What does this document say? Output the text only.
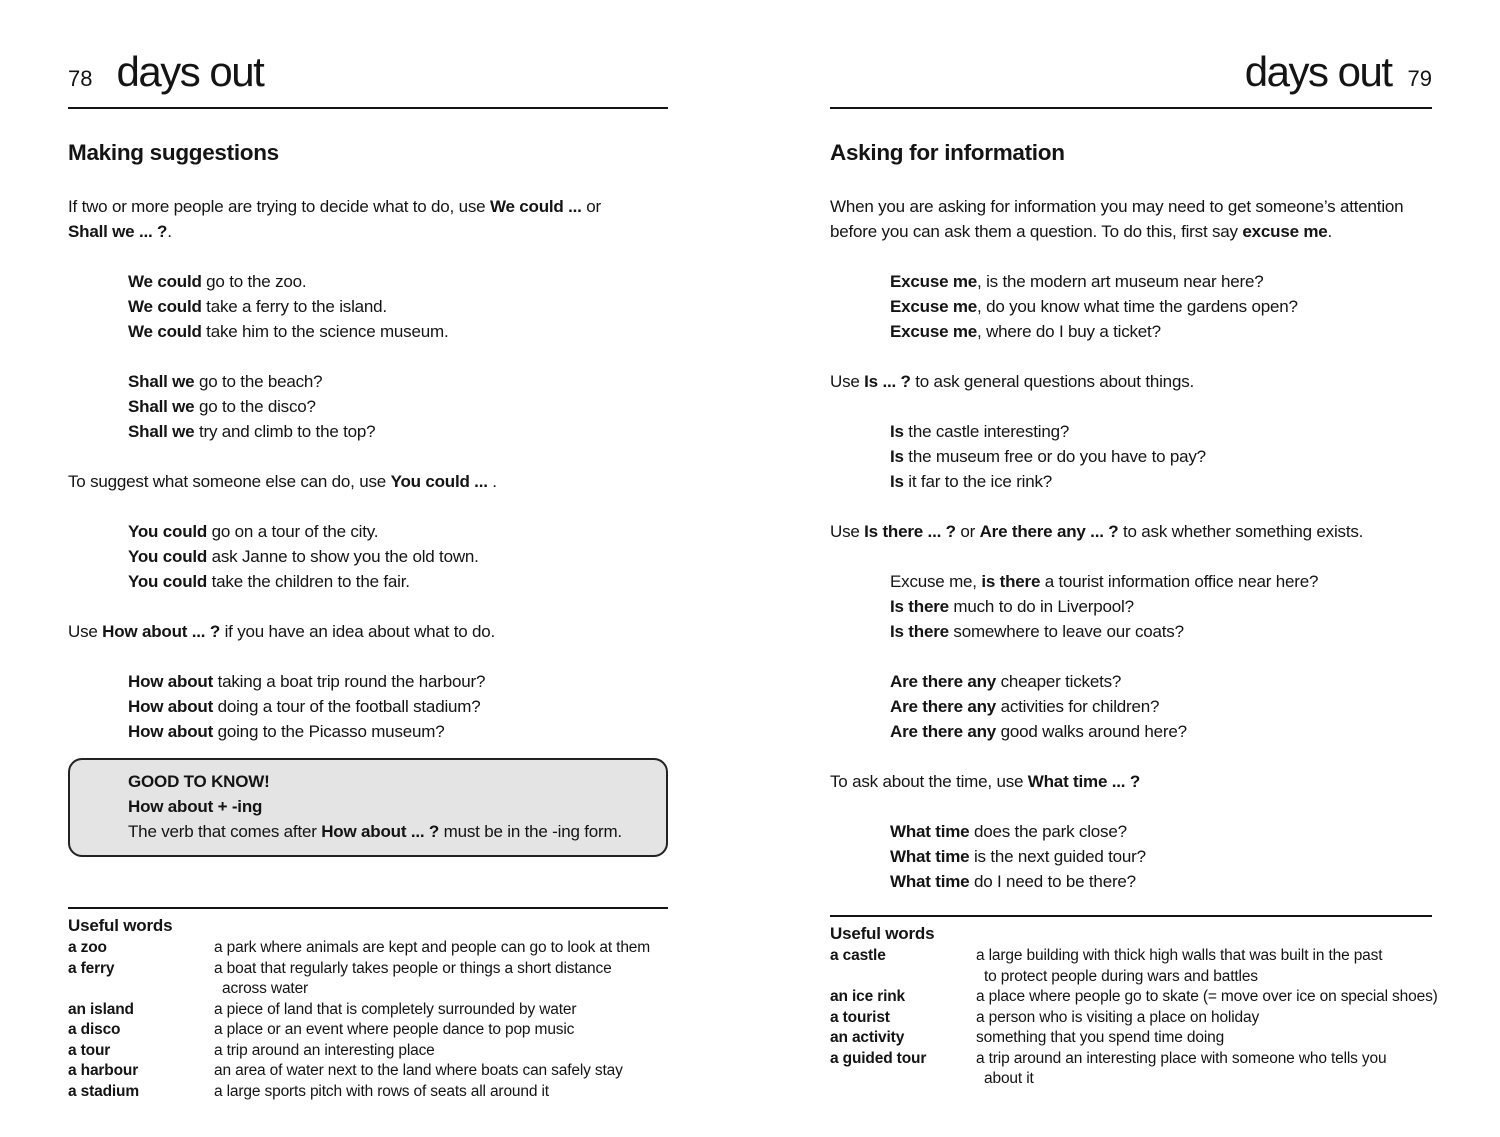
78 days out
Making suggestions
If two or more people are trying to decide what to do, use We could ... or
Shall we ... ?.
We could go to the zoo.
We could take a ferry to the island.
We could take him to the science museum.
Shall we go to the beach?
Shall we go to the disco?
Shall we try and climb to the top?
To suggest what someone else can do, use You could ... .
You could go on a tour of the city.
You could ask Janne to show you the old town.
You could take the children to the fair.
Use How about ... ? if you have an idea about what to do.
How about taking a boat trip round the harbour?
How about doing a tour of the football stadium?
How about going to the Picasso museum?
GOOD TO KNOW!
How about + -ing
The verb that comes after How about ... ? must be in the -ing form.
Useful words
a zoo	a park where animals are kept and people can go to look at them
a ferry	a boat that regularly takes people or things a short distance
across water
an island	a piece of land that is completely surrounded by water
a disco	a place or an event where people dance to pop music
a tour	a trip around an interesting place
a harbour	an area of water next to the land where boats can safely stay
a stadium	a large sports pitch with rows of seats all around it
days out 79
Asking for information
When you are asking for information you may need to get someone’s attention
before you can ask them a question. To do this, first say excuse me.
Excuse me, is the modern art museum near here?
Excuse me, do you know what time the gardens open?
Excuse me, where do I buy a ticket?
Use Is ... ? to ask general questions about things.
Is the castle interesting?
Is the museum free or do you have to pay?
Is it far to the ice rink?
Use Is there ... ? or Are there any ... ? to ask whether something exists.
Excuse me, is there a tourist information office near here?
Is there much to do in Liverpool?
Is there somewhere to leave our coats?
Are there any cheaper tickets?
Are there any activities for children?
Are there any good walks around here?
To ask about the time, use What time ... ?
What time does the park close?
What time is the next guided tour?
What time do I need to be there?
Useful words
a castle	a large building with thick high walls that was built in the past
to protect people during wars and battles
an ice rink	a place where people go to skate (= move over ice on special shoes)
a tourist	a person who is visiting a place on holiday
an activity	something that you spend time doing
a guided tour	a trip around an interesting place with someone who tells you
about it
